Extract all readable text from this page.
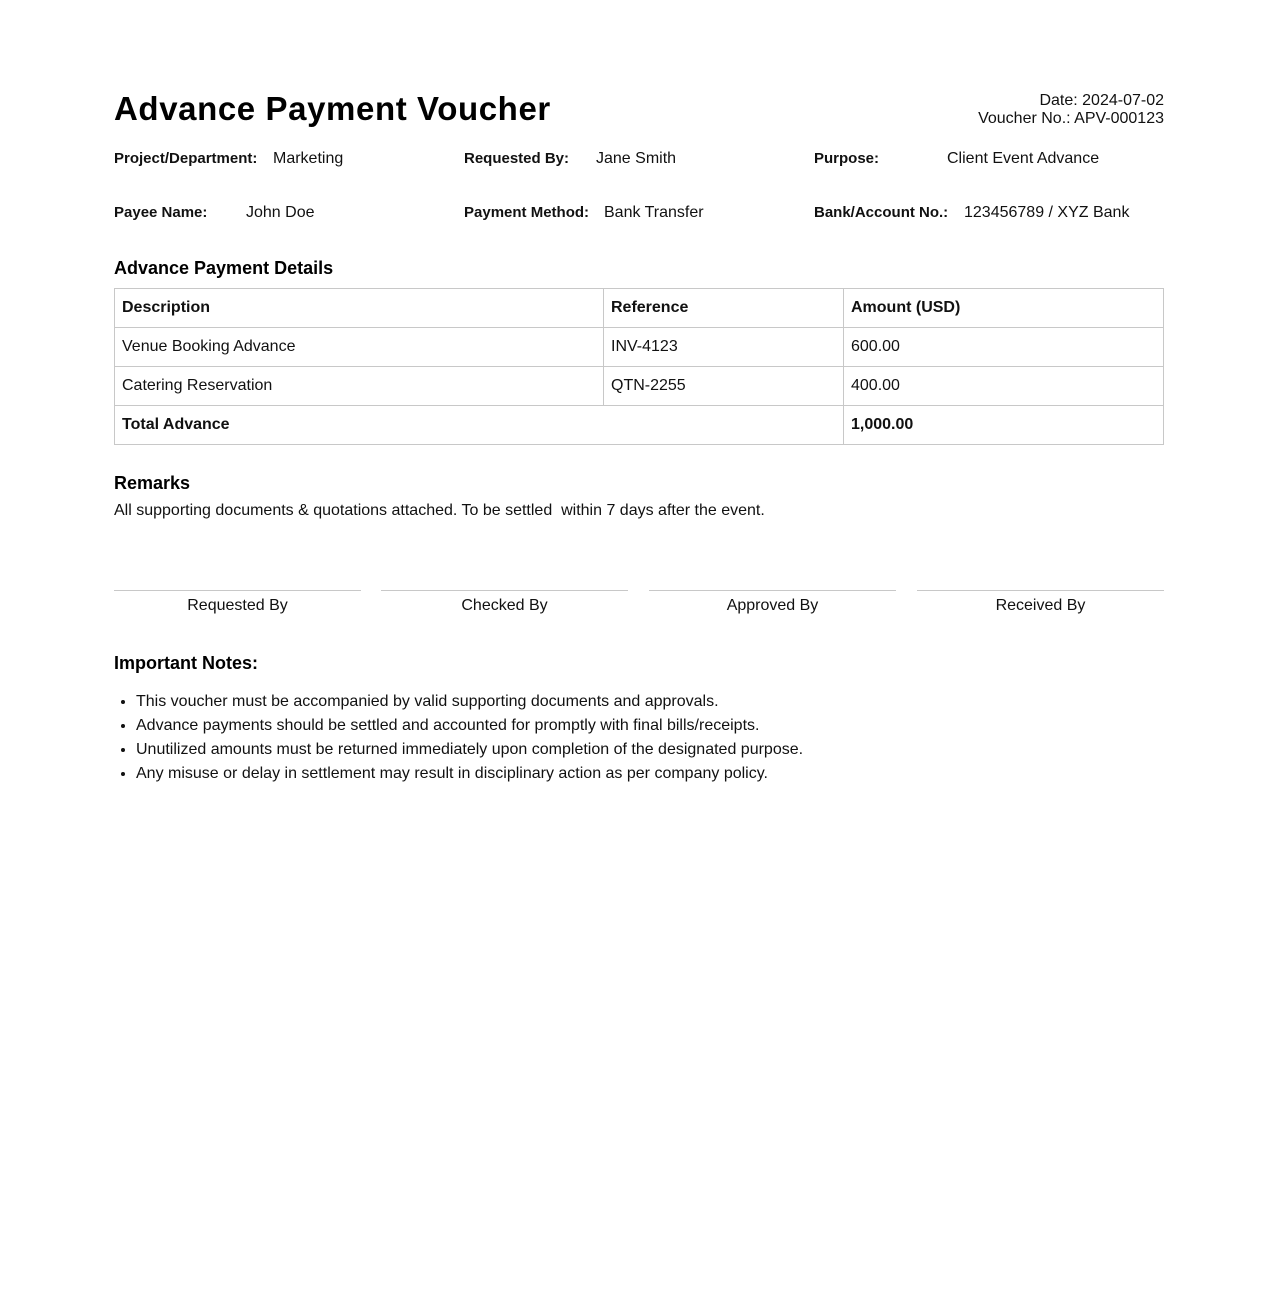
Advance Payment Voucher	Date: 2024-07-02
Voucher No.: APV-000123
Project/Department: Marketing	Requested By: Jane Smith	Purpose:	Client Event Advance
Payee Name: John Doe	Payment Method: Bank Transfer	Bank/Account No.: 123456789 / XYZ Bank
Advance Payment Details
Description	Reference	Amount (USD)
Venue Booking Advance	INV-4123	600.00
Catering Reservation	QTN-2255	400.00
Total Advance		1,000.00
Remarks
All supporting documents & quotations attached. To be settled  within 7 days after the event.
Requested By	Checked By	Approved By	Received By
Important Notes:
• This voucher must be accompanied by valid supporting documents and approvals.
• Advance payments should be settled and accounted for promptly with final bills/receipts.
• Unutilized amounts must be returned immediately upon completion of the designated purpose.
• Any misuse or delay in settlement may result in disciplinary action as per company policy.
